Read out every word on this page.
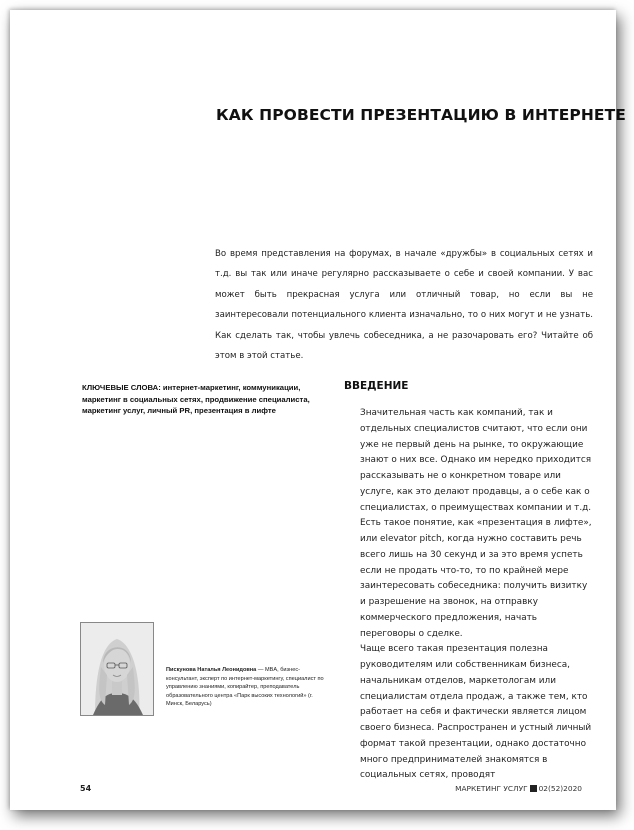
КАК ПРОВЕСТИ ПРЕЗЕНТАЦИЮ В ИНТЕРНЕТЕ
Во время представления на форумах, в начале «дружбы» в социальных сетях и т.д. вы так или иначе регулярно рассказываете о себе и своей компании. У вас может быть прекрасная услуга или отличный товар, но если вы не заинтересовали потенциального клиента изначально, то о них могут и не узнать. Как сделать так, чтобы увлечь собеседника, а не разочаровать его? Читайте об этом в этой статье.
КЛЮЧЕВЫЕ СЛОВА: интернет-маркетинг, коммуникации, маркетинг в социальных сетях, продвижение специалиста, маркетинг услуг, личный PR, презентация в лифте
ВВЕДЕНИЕ

Значительная часть как компаний, так и отдельных специалистов считают, что если они уже не первый день на рынке, то окружающие знают о них все. Однако им нередко приходится рассказывать не о конкретном товаре или услуге, как это делают продавцы, а о себе как о специалистах, о преимуществах компании и т.д. Есть такое понятие, как «презентация в лифте», или elevator pitch, когда нужно составить речь всего лишь на 30 секунд и за это время успеть если не продать что-то, то по крайней мере заинтересовать собеседника: получить визитку и разрешение на звонок, на отправку коммерческого предложения, начать переговоры о сделке.

Чаще всего такая презентация полезна руководителям или собственникам бизнеса, начальникам отделов, маркетологам или специалистам отдела продаж, а также тем, кто работает на себя и фактически является лицом своего бизнеса. Распространен и устный личный формат такой презентации, однако достаточно много предпринимателей знакомятся в социальных сетях, проводят

Пискунова Наталья Леонидовна — MBA, бизнес-консультант, эксперт по интернет-маркетингу, специалист по управлению знаниями, копирайтер, преподаватель образовательного центра «Парк высоких технологий» (г. Минск, Беларусь)
54	МАРКЕТИНГ УСЛУГ 02(52)2020
